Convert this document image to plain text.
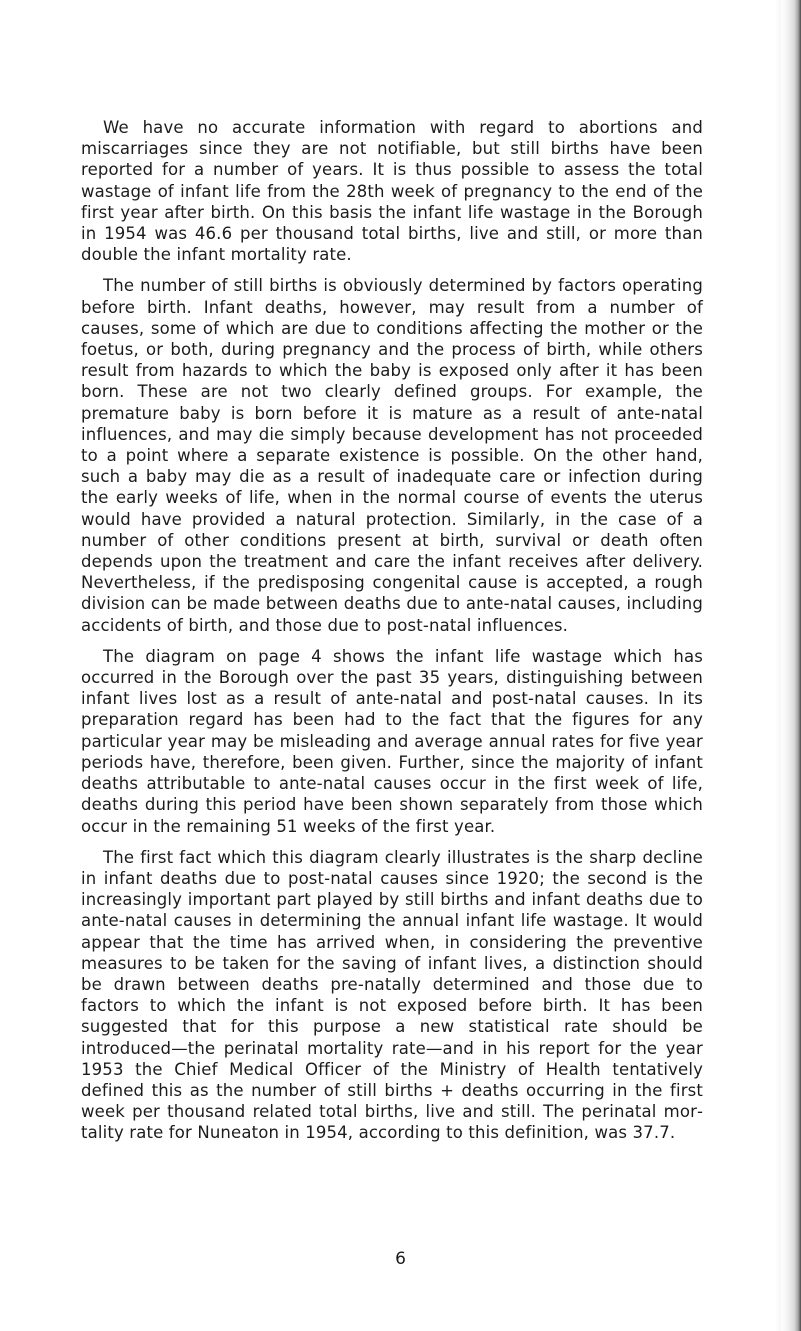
We have no accurate information with regard to abortions and miscarriages since they are not notifiable, but still births have been reported for a number of years. It is thus possible to assess the total wastage of infant life from the 28th week of pregnancy to the end of the first year after birth. On this basis the infant life wastage in the Borough in 1954 was 46.6 per thousand total births, live and still, or more than double the infant mortality rate.

The number of still births is obviously determined by factors operating before birth. Infant deaths, however, may result from a number of causes, some of which are due to conditions affecting the mother or the foetus, or both, during pregnancy and the process of birth, while others result from hazards to which the baby is exposed only after it has been born. These are not two clearly defined groups. For example, the premature baby is born before it is mature as a result of ante-natal influences, and may die simply because development has not proceeded to a point where a separate existence is possible. On the other hand, such a baby may die as a result of inadequate care or infection during the early weeks of life, when in the normal course of events the uterus would have provided a natural protection. Similarly, in the case of a number of other conditions present at birth, survival or death often depends upon the treatment and care the infant receives after delivery. Nevertheless, if the predisposing congenital cause is accepted, a rough division can be made between deaths due to ante-natal causes, including accidents of birth, and those due to post-natal influences.

The diagram on page 4 shows the infant life wastage which has occurred in the Borough over the past 35 years, distinguishing between infant lives lost as a result of ante-natal and post-natal causes. In its preparation regard has been had to the fact that the figures for any particular year may be misleading and average annual rates for five year periods have, therefore, been given. Further, since the majority of infant deaths attributable to ante-natal causes occur in the first week of life, deaths during this period have been shown separately from those which occur in the remaining 51 weeks of the first year.

The first fact which this diagram clearly illustrates is the sharp decline in infant deaths due to post-natal causes since 1920; the second is the increasingly important part played by still births and infant deaths due to ante-natal causes in determining the annual infant life wastage. It would appear that the time has arrived when, in considering the preventive measures to be taken for the saving of infant lives, a distinction should be drawn between deaths pre-natally determined and those due to factors to which the infant is not exposed before birth. It has been suggested that for this purpose a new statistical rate should be introduced—the perinatal mortality rate—and in his report for the year 1953 the Chief Medical Officer of the Ministry of Health tentatively defined this as the number of still births + deaths occurring in the first week per thousand related total births, live and still. The perinatal mortality rate for Nuneaton in 1954, according to this definition, was 37.7.

6
